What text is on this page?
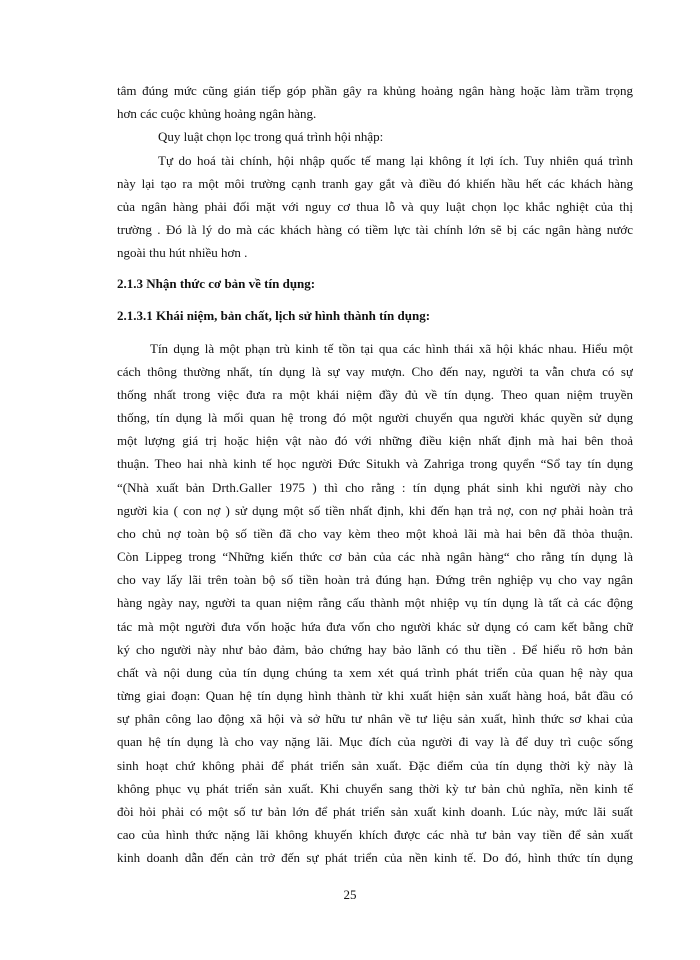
tâm đúng mức cũng gián tiếp góp phần gây ra khủng hoảng ngân hàng hoặc làm trầm trọng
hơn các cuộc khủng hoảng ngân hàng.
Quy luật chọn lọc trong quá trình hội nhập:
Tự do hoá tài chính, hội nhập quốc tế mang lại không ít lợi ích. Tuy nhiên quá trình
này lại tạo ra một môi trường cạnh tranh gay gắt và điều đó khiến hầu hết các khách hàng
của ngân hàng phải đối mặt với nguy cơ thua lỗ và quy luật chọn lọc khắc nghiệt của thị
trường . Đó là lý do mà các khách hàng có tiềm lực tài chính lớn sẽ bị các ngân hàng nước
ngoài thu hút nhiều hơn .
2.1.3 Nhận thức cơ bản về tín dụng:
2.1.3.1 Khái niệm, bản chất, lịch sử hình thành tín dụng:
Tín dụng là một phạn trù kinh tế tồn tại qua các hình thái xã hội khác nhau. Hiểu một
cách thông thường nhất, tín dụng là sự vay mượn. Cho đến nay, người ta vẫn chưa có sự
thống nhất trong việc đưa ra một khái niệm đầy đủ về tín dụng. Theo quan niệm truyền
thống, tín dụng là mối quan hệ trong đó một người chuyển qua người khác quyền sử dụng
một lượng giá trị hoặc hiện vật nào đó với những điều kiện nhất định mà hai bên thoả
thuận. Theo hai nhà kinh tế học người Đức Situkh và Zahriga trong quyển “Sổ tay tín dụng
“(Nhà xuất bản Drth.Galler 1975 ) thì cho rằng : tín dụng phát sinh khi người này cho
người kia ( con nợ ) sử dụng một số tiền nhất định, khi đến hạn trả nợ, con nợ phải hoàn trả
cho chủ nợ toàn bộ số tiền đã cho vay kèm theo một khoả lãi mà hai bên đã thỏa thuận.
Còn Lippeg trong “Những kiến thức cơ bản của các nhà ngân hàng“ cho rằng tín dụng là
cho vay lấy lãi trên toàn bộ số tiền hoàn trả đúng hạn. Đứng trên nghiệp vụ cho vay ngân
hàng ngày nay, người ta quan niệm rằng cấu thành một nhiệp vụ tín dụng là tất cả các động
tác mà một người đưa vốn hoặc hứa đưa vốn cho người khác sử dụng có cam kết bằng chữ
ký cho người này như bảo đảm, bảo chứng hay bảo lãnh có thu tiền . Để hiểu rõ hơn bản
chất và nội dung của tín dụng chúng ta xem xét quá trình phát triển của quan hệ này qua
từng giai đoạn: Quan hệ tín dụng hình thành từ khi xuất hiện sản xuất hàng hoá, bắt đầu có
sự phân công lao động xã hội và sở hữu tư nhân về tư liệu sản xuất, hình thức sơ khai của
quan hệ tín dụng là cho vay nặng lãi. Mục đích của người đi vay là để duy trì cuộc sống
sinh hoạt chứ không phải để phát triển sản xuất. Đặc điểm của tín dụng thời kỳ này là
không phục vụ phát triển sản xuất. Khi chuyển sang thời kỳ tư bản chủ nghĩa, nền kinh tế
đòi hỏi phải có một số tư bản lớn để phát triển sản xuất kinh doanh. Lúc này, mức lãi suất
cao của hình thức nặng lãi không khuyến khích được các nhà tư bản vay tiền để sản xuất
kinh doanh dẫn đến cản trở đến sự phát triển của nền kinh tế. Do đó, hình thức tín dụng
25
